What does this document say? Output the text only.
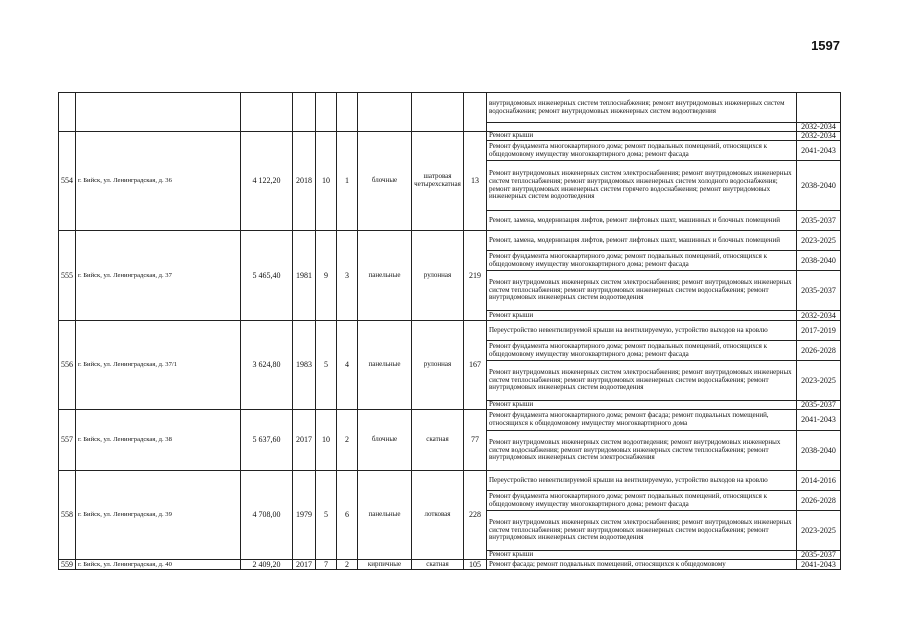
1597
									внутридомовых инженерных систем теплоснабжения; ремонт внутридомовых инженерных систем водоснабжения; ремонт внутридомовых инженерных систем водоотведения	
										2032-2034
554	г. Бийск, ул. Ленинградская, д. 36	4 122,20	2018	10	1	блочные	шатровая четырехскатная	13	Ремонт крыши	2032-2034
									Ремонт фундамента многоквартирного дома; ремонт подвальных помещений, относящихся к общедомовому имуществу многоквартирного дома; ремонт фасада	2041-2043
									Ремонт внутридомовых инженерных систем электроснабжения; ремонт внутридомовых инженерных систем теплоснабжения; ремонт внутридомовых инженерных систем холодного водоснабжения; ремонт внутридомовых инженерных систем горячего водоснабжения; ремонт внутридомовых инженерных систем водоотведения	2038-2040
									Ремонт, замена, модернизация лифтов, ремонт лифтовых шахт, машинных и блочных помещений	2035-2037
555	г. Бийск, ул. Ленинградская, д. 37	5 465,40	1981	9	3	панельные	рулонная	219	Ремонт, замена, модернизация лифтов, ремонт лифтовых шахт, машинных и блочных помещений	2023-2025
									Ремонт фундамента многоквартирного дома; ремонт подвальных помещений, относящихся к общедомовому имуществу многоквартирного дома; ремонт фасада	2038-2040
									Ремонт внутридомовых инженерных систем электроснабжения; ремонт внутридомовых инженерных систем теплоснабжения; ремонт внутридомовых инженерных систем водоснабжения; ремонт внутридомовых инженерных систем водоотведения	2035-2037
									Ремонт крыши	2032-2034
556	г. Бийск, ул. Ленинградская, д. 37/1	3 624,80	1983	5	4	панельные	рулонная	167	Переустройство невентилируемой крыши на вентилируемую, устройство выходов на кровлю	2017-2019
									Ремонт фундамента многоквартирного дома; ремонт подвальных помещений, относящихся к общедомовому имуществу многоквартирного дома; ремонт фасада	2026-2028
									Ремонт внутридомовых инженерных систем электроснабжения; ремонт внутридомовых инженерных систем теплоснабжения; ремонт внутридомовых инженерных систем водоснабжения; ремонт внутридомовых инженерных систем водоотведения	2023-2025
									Ремонт крыши	2035-2037
557	г. Бийск, ул. Ленинградская, д. 38	5 637,60	2017	10	2	блочные	скатная	77	Ремонт фундамента многоквартирного дома; ремонт фасада; ремонт подвальных помещений, относящихся к общедомовому имуществу многоквартирного дома	2041-2043
									Ремонт внутридомовых инженерных систем водоотведения; ремонт внутридомовых инженерных систем водоснабжения; ремонт внутридомовых инженерных систем теплоснабжения; ремонт внутридомовых инженерных систем электроснабжения	2038-2040
558	г. Бийск, ул. Ленинградская, д. 39	4 708,00	1979	5	6	панельные	лотковая	228	Переустройство невентилируемой крыши на вентилируемую, устройство выходов на кровлю	2014-2016
									Ремонт фундамента многоквартирного дома; ремонт подвальных помещений, относящихся к общедомовому имуществу многоквартирного дома; ремонт фасада	2026-2028
									Ремонт внутридомовых инженерных систем электроснабжения; ремонт внутридомовых инженерных систем теплоснабжения; ремонт внутридомовых инженерных систем водоснабжения; ремонт внутридомовых инженерных систем водоотведения	2023-2025
									Ремонт крыши	2035-2037
559	г. Бийск, ул. Ленинградская, д. 40	2 409,20	2017	7	2	кирпичные	скатная	105	Ремонт фасада; ремонт подвальных помещений, относящихся к общедомовому	2041-2043
